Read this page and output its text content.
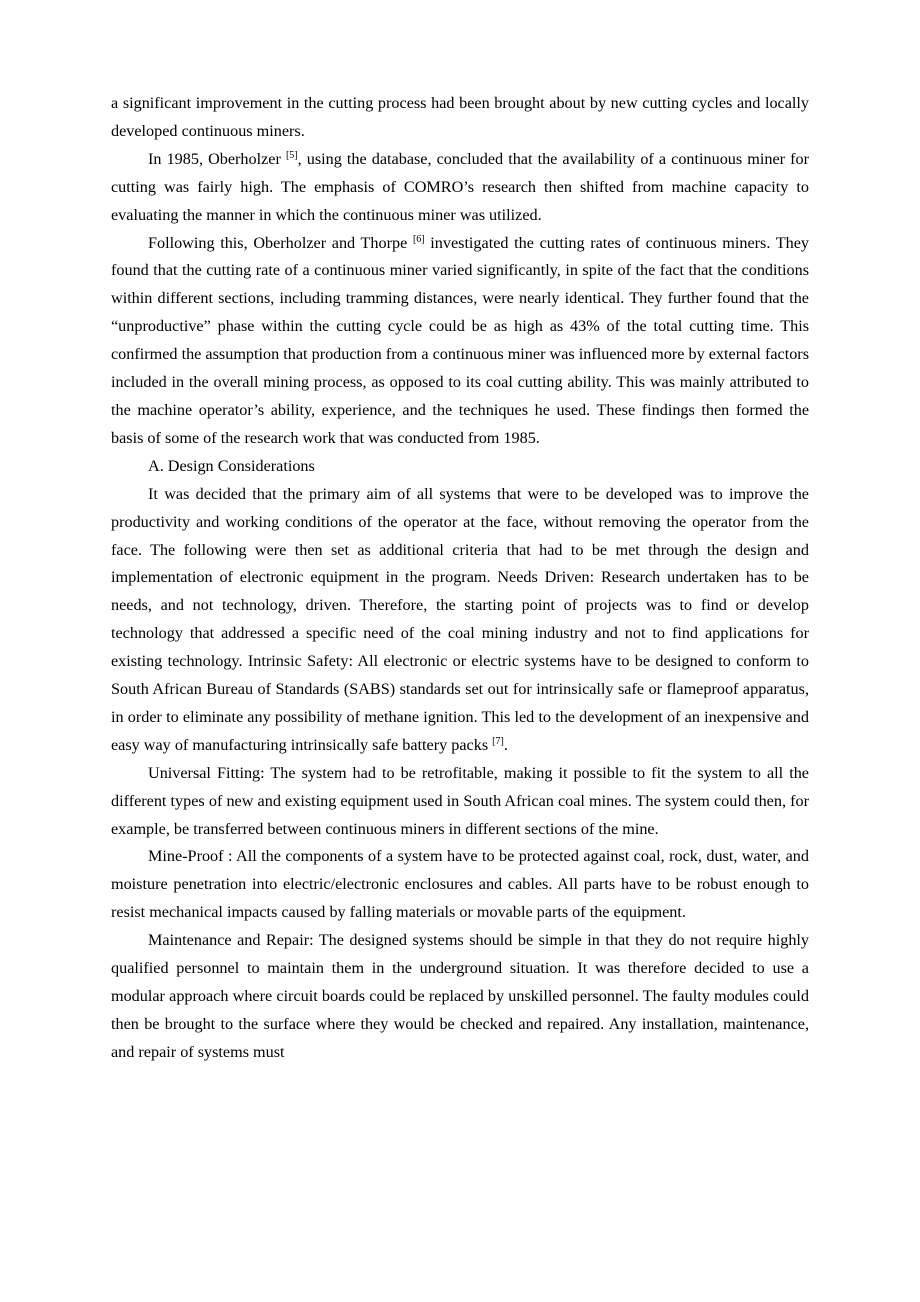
a significant improvement in the cutting process had been brought about by new cutting cycles and locally developed continuous miners.

In 1985, Oberholzer [5], using the database, concluded that the availability of a continuous miner for cutting was fairly high. The emphasis of COMRO’s research then shifted from machine capacity to evaluating the manner in which the continuous miner was utilized.

Following this, Oberholzer and Thorpe [6] investigated the cutting rates of continuous miners. They found that the cutting rate of a continuous miner varied significantly, in spite of the fact that the conditions within different sections, including tramming distances, were nearly identical. They further found that the “unproductive” phase within the cutting cycle could be as high as 43% of the total cutting time. This confirmed the assumption that production from a continuous miner was influenced more by external factors included in the overall mining process, as opposed to its coal cutting ability. This was mainly attributed to the machine operator’s ability, experience, and the techniques he used. These findings then formed the basis of some of the research work that was conducted from 1985.

A. Design Considerations

It was decided that the primary aim of all systems that were to be developed was to improve the productivity and working conditions of the operator at the face, without removing the operator from the face. The following were then set as additional criteria that had to be met through the design and implementation of electronic equipment in the program. Needs Driven: Research undertaken has to be needs, and not technology, driven. Therefore, the starting point of projects was to find or develop technology that addressed a specific need of the coal mining industry and not to find applications for existing technology. Intrinsic Safety: All electronic or electric systems have to be designed to conform to South African Bureau of Standards (SABS) standards set out for intrinsically safe or flameproof apparatus, in order to eliminate any possibility of methane ignition. This led to the development of an inexpensive and easy way of manufacturing intrinsically safe battery packs [7].

Universal Fitting: The system had to be retrofitable, making it possible to fit the system to all the different types of new and existing equipment used in South African coal mines. The system could then, for example, be transferred between continuous miners in different sections of the mine.

Mine-Proof : All the components of a system have to be protected against coal, rock, dust, water, and moisture penetration into electric/electronic enclosures and cables. All parts have to be robust enough to resist mechanical impacts caused by falling materials or movable parts of the equipment.

Maintenance and Repair: The designed systems should be simple in that they do not require highly qualified personnel to maintain them in the underground situation. It was therefore decided to use a modular approach where circuit boards could be replaced by unskilled personnel. The faulty modules could then be brought to the surface where they would be checked and repaired. Any installation, maintenance, and repair of systems must
